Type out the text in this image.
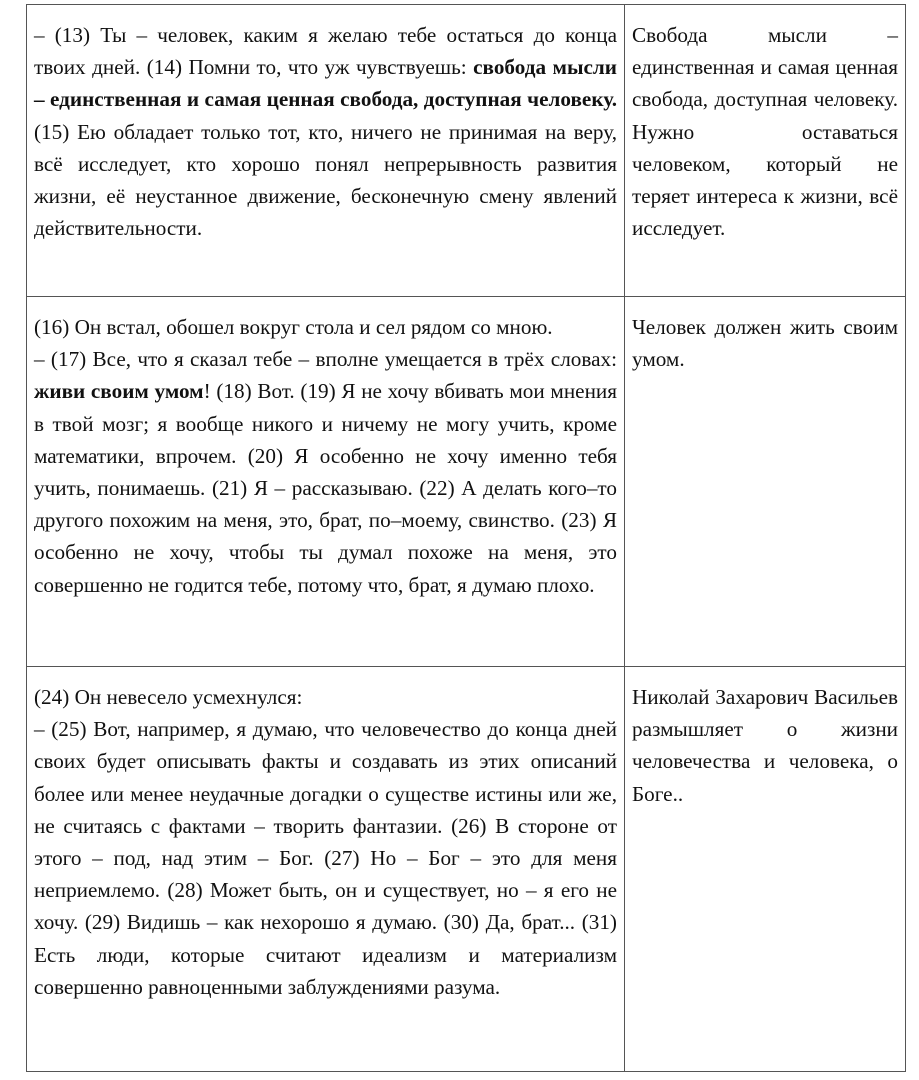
– (13) Ты – человек, каким я желаю тебе остаться до конца твоих дней. (14) Помни то, что уж чувствуешь: свобода мысли – единственная и самая ценная свобода, доступная человеку. (15) Ею обладает только тот, кто, ничего не принимая на веру, всё исследует, кто хорошо понял непрерывность развития жизни, её неустанное движение, бесконечную смену явлений действительности.	Свобода мысли – единственная и самая ценная свобода, доступная человеку. Нужно оставаться человеком, который не теряет интереса к жизни, всё исследует.

(16) Он встал, обошел вокруг стола и сел рядом со мною.
– (17) Все, что я сказал тебе – вполне умещается в трёх словах: живи своим умом! (18) Вот. (19) Я не хочу вбивать мои мнения в твой мозг; я вообще никого и ничему не могу учить, кроме математики, впрочем. (20) Я особенно не хочу именно тебя учить, понимаешь. (21) Я – рассказываю. (22) А делать кого–то другого похожим на меня, это, брат, по–моему, свинство. (23) Я особенно не хочу, чтобы ты думал похоже на меня, это совершенно не годится тебе, потому что, брат, я думаю плохо.	Человек должен жить своим умом.

(24) Он невесело усмехнулся:
– (25) Вот, например, я думаю, что человечество до конца дней своих будет описывать факты и создавать из этих описаний более или менее неудачные догадки о существе истины или же, не считаясь с фактами – творить фантазии. (26) В стороне от этого – под, над этим – Бог. (27) Но – Бог – это для меня неприемлемо. (28) Может быть, он и существует, но – я его не хочу. (29) Видишь – как нехорошо я думаю. (30) Да, брат... (31) Есть люди, которые считают идеализм и материализм совершенно равноценными заблуждениями разума.	Николай Захарович Васильев размышляет о жизни человечества и человека, о Боге..
